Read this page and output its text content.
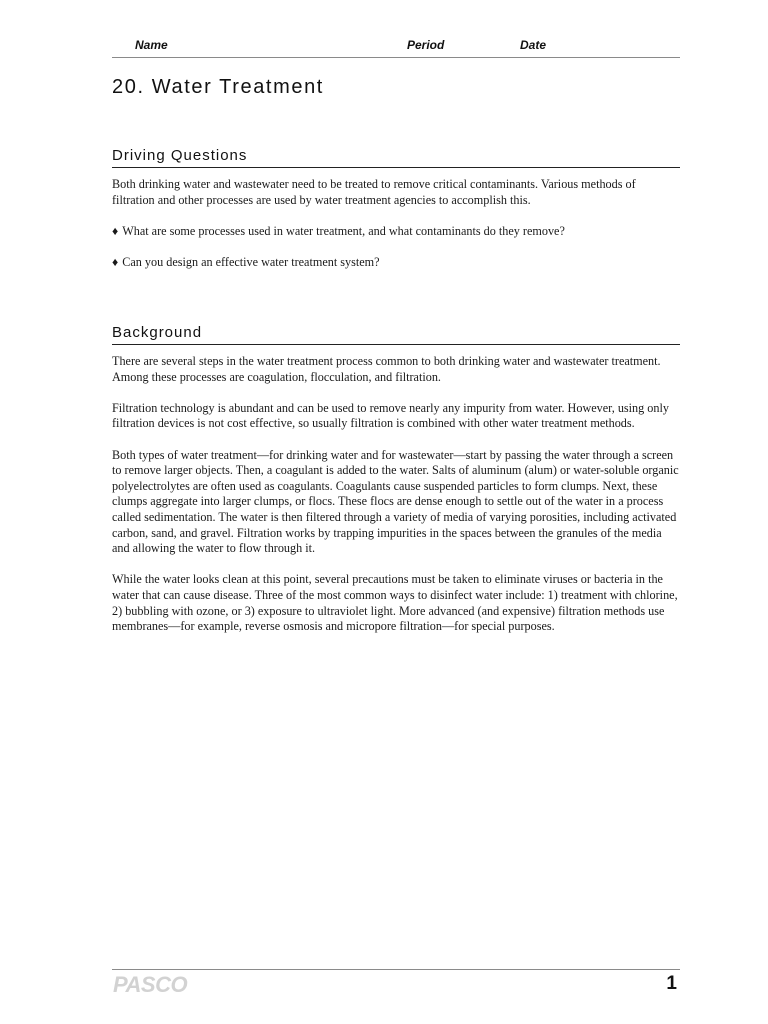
Name	Period	Date
20. Water Treatment
Driving Questions

Both drinking water and wastewater need to be treated to remove critical contaminants. Various methods of filtration and other processes are used by water treatment agencies to accomplish this.

♦ What are some processes used in water treatment, and what contaminants do they remove?

♦ Can you design an effective water treatment system?

Background

There are several steps in the water treatment process common to both drinking water and wastewater treatment. Among these processes are coagulation, flocculation, and filtration.

Filtration technology is abundant and can be used to remove nearly any impurity from water. However, using only filtration devices is not cost effective, so usually filtration is combined with other water treatment methods.

Both types of water treatment—for drinking water and for wastewater—start by passing the water through a screen to remove larger objects. Then, a coagulant is added to the water. Salts of aluminum (alum) or water-soluble organic polyelectrolytes are often used as coagulants. Coagulants cause suspended particles to form clumps. Next, these clumps aggregate into larger clumps, or flocs. These flocs are dense enough to settle out of the water in a process called sedimentation. The water is then filtered through a variety of media of varying porosities, including activated carbon, sand, and gravel. Filtration works by trapping impurities in the spaces between the granules of the media and allowing the water to flow through it.

While the water looks clean at this point, several precautions must be taken to eliminate viruses or bacteria in the water that can cause disease. Three of the most common ways to disinfect water include: 1) treatment with chlorine, 2) bubbling with ozone, or 3) exposure to ultraviolet light. More advanced (and expensive) filtration methods use membranes—for example, reverse osmosis and micropore filtration—for special purposes.

PASCO	1
